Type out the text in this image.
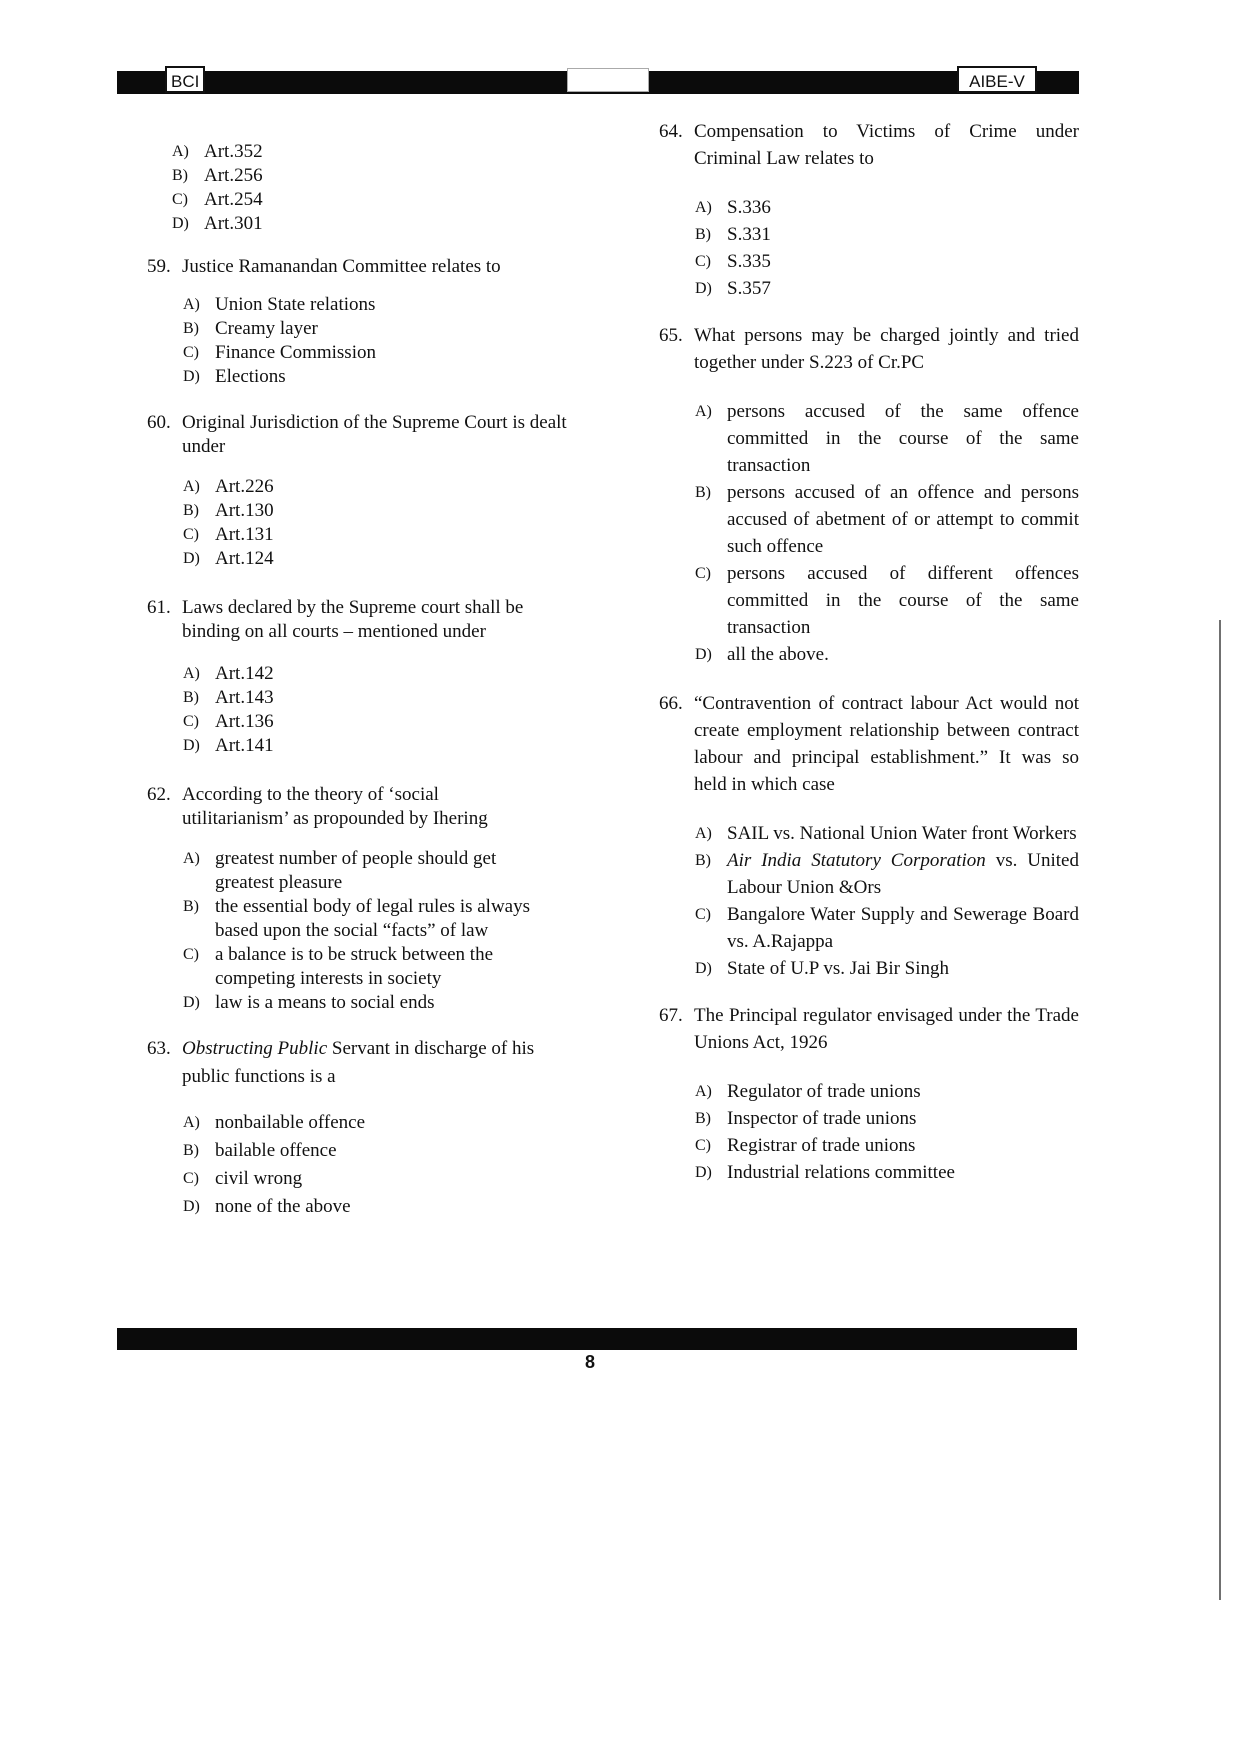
BCI	AIBE-V
A) Art.352
B) Art.256
C) Art.254
D) Art.301
59. Justice Ramanandan Committee relates to
A) Union State relations
B) Creamy layer
C) Finance Commission
D) Elections
60. Original Jurisdiction of the Supreme Court is dealt under
A) Art.226
B) Art.130
C) Art.131
D) Art.124
61. Laws declared by the Supreme court shall be binding on all courts – mentioned under
A) Art.142
B) Art.143
C) Art.136
D) Art.141
62. According to the theory of ‘social utilitarianism’ as propounded by Ihering
A) greatest number of people should get greatest pleasure
B) the essential body of legal rules is always based upon the social “facts” of law
C) a balance is to be struck between the competing interests in society
D) law is a means to social ends
63. Obstructing Public Servant in discharge of his public functions is a
A) nonbailable offence
B) bailable offence
C) civil wrong
D) none of the above
64. Compensation to Victims of Crime under Criminal Law relates to
A) S.336
B) S.331
C) S.335
D) S.357
65. What persons may be charged jointly and tried together under S.223 of Cr.PC
A) persons accused of the same offence committed in the course of the same transaction
B) persons accused of an offence and persons accused of abetment of or attempt to commit such offence
C) persons accused of different offences committed in the course of the same transaction
D) all the above.
66. “Contravention of contract labour Act would not create employment relationship between contract labour and principal establishment.” It was so held in which case
A) SAIL vs. National Union Water front Workers
B) Air India Statutory Corporation vs. United Labour Union &Ors
C) Bangalore Water Supply and Sewerage Board vs. A.Rajappa
D) State of U.P vs. Jai Bir Singh
67. The Principal regulator envisaged under the Trade Unions Act, 1926
A) Regulator of trade unions
B) Inspector of trade unions
C) Registrar of trade unions
D) Industrial relations committee
8
